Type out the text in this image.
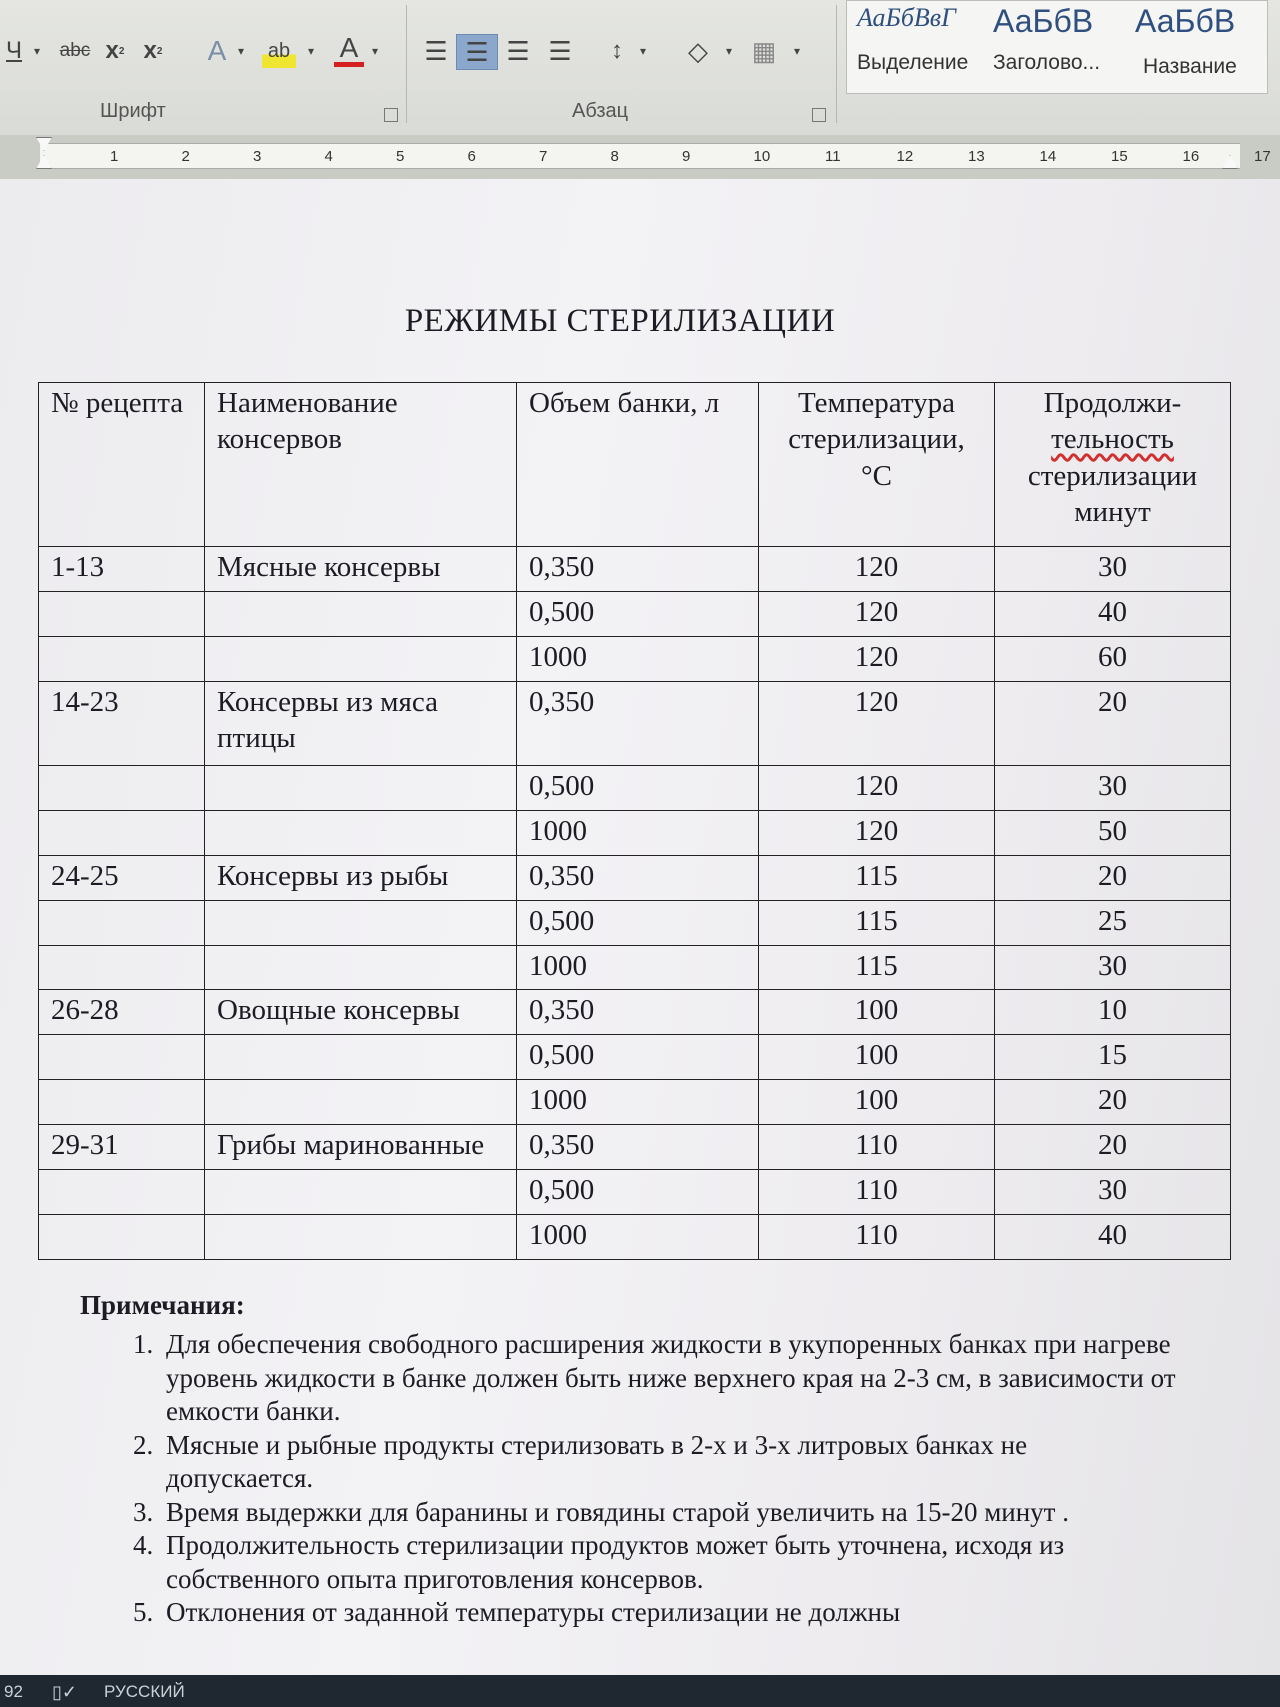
Ч ▾ abc x 2 x 2 A ▾ ab	▾ A	▾
Шрифт
☰ ☰ ☰ ☰	↕	▾	◇	▾ ▦	▾
Абзац
АаБбВвГ
Выделение
АаБбВ
Заголово...
АаБбВ
Название
1	2	3	4	5	6	7	8	9	10	11	12	13	14	15	16	17
РЕЖИМЫ СТЕРИЛИЗАЦИИ
№ рецепта	Наименование консервов	Объем банки, л	Температура стерилизации, °С	Продолжи- тельность стерилизации минут
1-13	Мясные консервы	0,350	120	30
		0,500	120	40
		1000	120	60
14-23	Консервы из мяса птицы	0,350	120	20
		0,500	120	30
		1000	120	50
24-25	Консервы из рыбы	0,350	115	20
		0,500	115	25
		1000	115	30
26-28	Овощные консервы	0,350	100	10
		0,500	100	15
		1000	100	20
29-31	Грибы маринованные	0,350	110	20
		0,500	110	30
		1000	110	40
Примечания:
1. Для обеспечения свободного расширения жидкости в укупоренных банках при нагреве уровень жидкости в банке должен быть ниже верхнего края на 2-3 см, в зависимости от емкости банки.
2. Мясные и рыбные продукты стерилизовать в 2-х и 3-х литровых банках не допускается.
3. Время выдержки для баранины и говядины старой увеличить на 15-20 минут .
4. Продолжительность стерилизации продуктов может быть уточнена, исходя из собственного опыта приготовления консервов.
5. Отклонения от заданной температуры стерилизации не должны
92 ▯✓ РУССКИЙ
